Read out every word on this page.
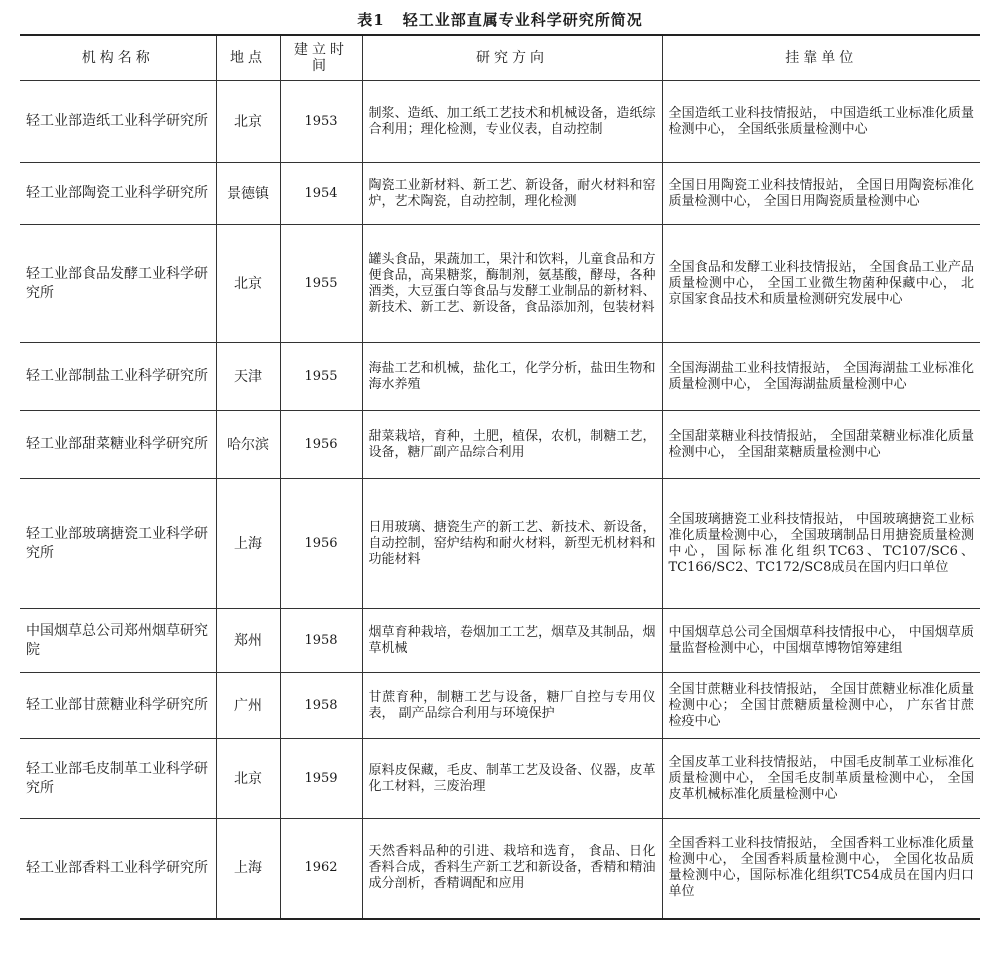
表1 轻工业部直属专业科学研究所简况
机构名称	地点	建立时间	研究方向	挂靠单位
轻工业部造纸工业科学研究所	北京	1953	制浆、造纸、加工纸工艺技术和机械设备，造纸综合利用；理化检测，专业仪表，自动控制	全国造纸工业科技情报站， 中国造纸工业标准化质量检测中心， 全国纸张质量检测中心
轻工业部陶瓷工业科学研究所	景德镇	1954	陶瓷工业新材料、新工艺、新设备，耐火材料和窑炉，艺术陶瓷，自动控制，理化检测	全国日用陶瓷工业科技情报站， 全国日用陶瓷标准化质量检测中心， 全国日用陶瓷质量检测中心
轻工业部食品发酵工业科学研究所	北京	1955	罐头食品，果蔬加工，果汁和饮料，儿童食品和方便食品，高果糖浆，酶制剂，氨基酸，酵母，各种酒类，大豆蛋白等食品与发酵工业制品的新材料、新技术、新工艺、新设备，食品添加剂，包装材料	全国食品和发酵工业科技情报站， 全国食品工业产品质量检测中心， 全国工业微生物菌种保藏中心， 北京国家食品技术和质量检测研究发展中心
轻工业部制盐工业科学研究所	天津	1955	海盐工艺和机械，盐化工，化学分析，盐田生物和海水养殖	全国海湖盐工业科技情报站， 全国海湖盐工业标准化质量检测中心， 全国海湖盐质量检测中心
轻工业部甜菜糖业科学研究所	哈尔滨	1956	甜菜栽培，育种，土肥，植保，农机，制糖工艺，设备，糖厂副产品综合利用	全国甜菜糖业科技情报站， 全国甜菜糖业标准化质量检测中心， 全国甜菜糖质量检测中心
轻工业部玻璃搪瓷工业科学研究所	上海	1956	日用玻璃、搪瓷生产的新工艺、新技术、新设备，自动控制，窑炉结构和耐火材料，新型无机材料和功能材料	全国玻璃搪瓷工业科技情报站， 中国玻璃搪瓷工业标准化质量检测中心， 全国玻璃制品日用搪瓷质量检测中心，国际标准化组织TC63、TC107/SC6、TC166/SC2、TC172/SC8成员在国内归口单位
中国烟草总公司郑州烟草研究院	郑州	1958	烟草育种栽培，卷烟加工工艺，烟草及其制品，烟草机械	中国烟草总公司全国烟草科技情报中心， 中国烟草质量监督检测中心，中国烟草博物馆筹建组
轻工业部甘蔗糖业科学研究所	广州	1958	甘蔗育种，制糖工艺与设备，糖厂自控与专用仪表， 副产品综合利用与环境保护	全国甘蔗糖业科技情报站， 全国甘蔗糖业标准化质量检测中心； 全国甘蔗糖质量检测中心， 广东省甘蔗检疫中心
轻工业部毛皮制革工业科学研究所	北京	1959	原料皮保藏，毛皮、制革工艺及设备、仪器，皮革化工材料，三废治理	全国皮革工业科技情报站， 中国毛皮制革工业标准化质量检测中心， 全国毛皮制革质量检测中心， 全国皮革机械标准化质量检测中心
轻工业部香料工业科学研究所	上海	1962	天然香料品种的引进、栽培和选育， 食品、日化香料合成，香料生产新工艺和新设备，香精和精油成分剖析，香精调配和应用	全国香料工业科技情报站， 全国香料工业标准化质量检测中心， 全国香料质量检测中心， 全国化妆品质量检测中心，国际标准化组织TC54成员在国内归口单位
